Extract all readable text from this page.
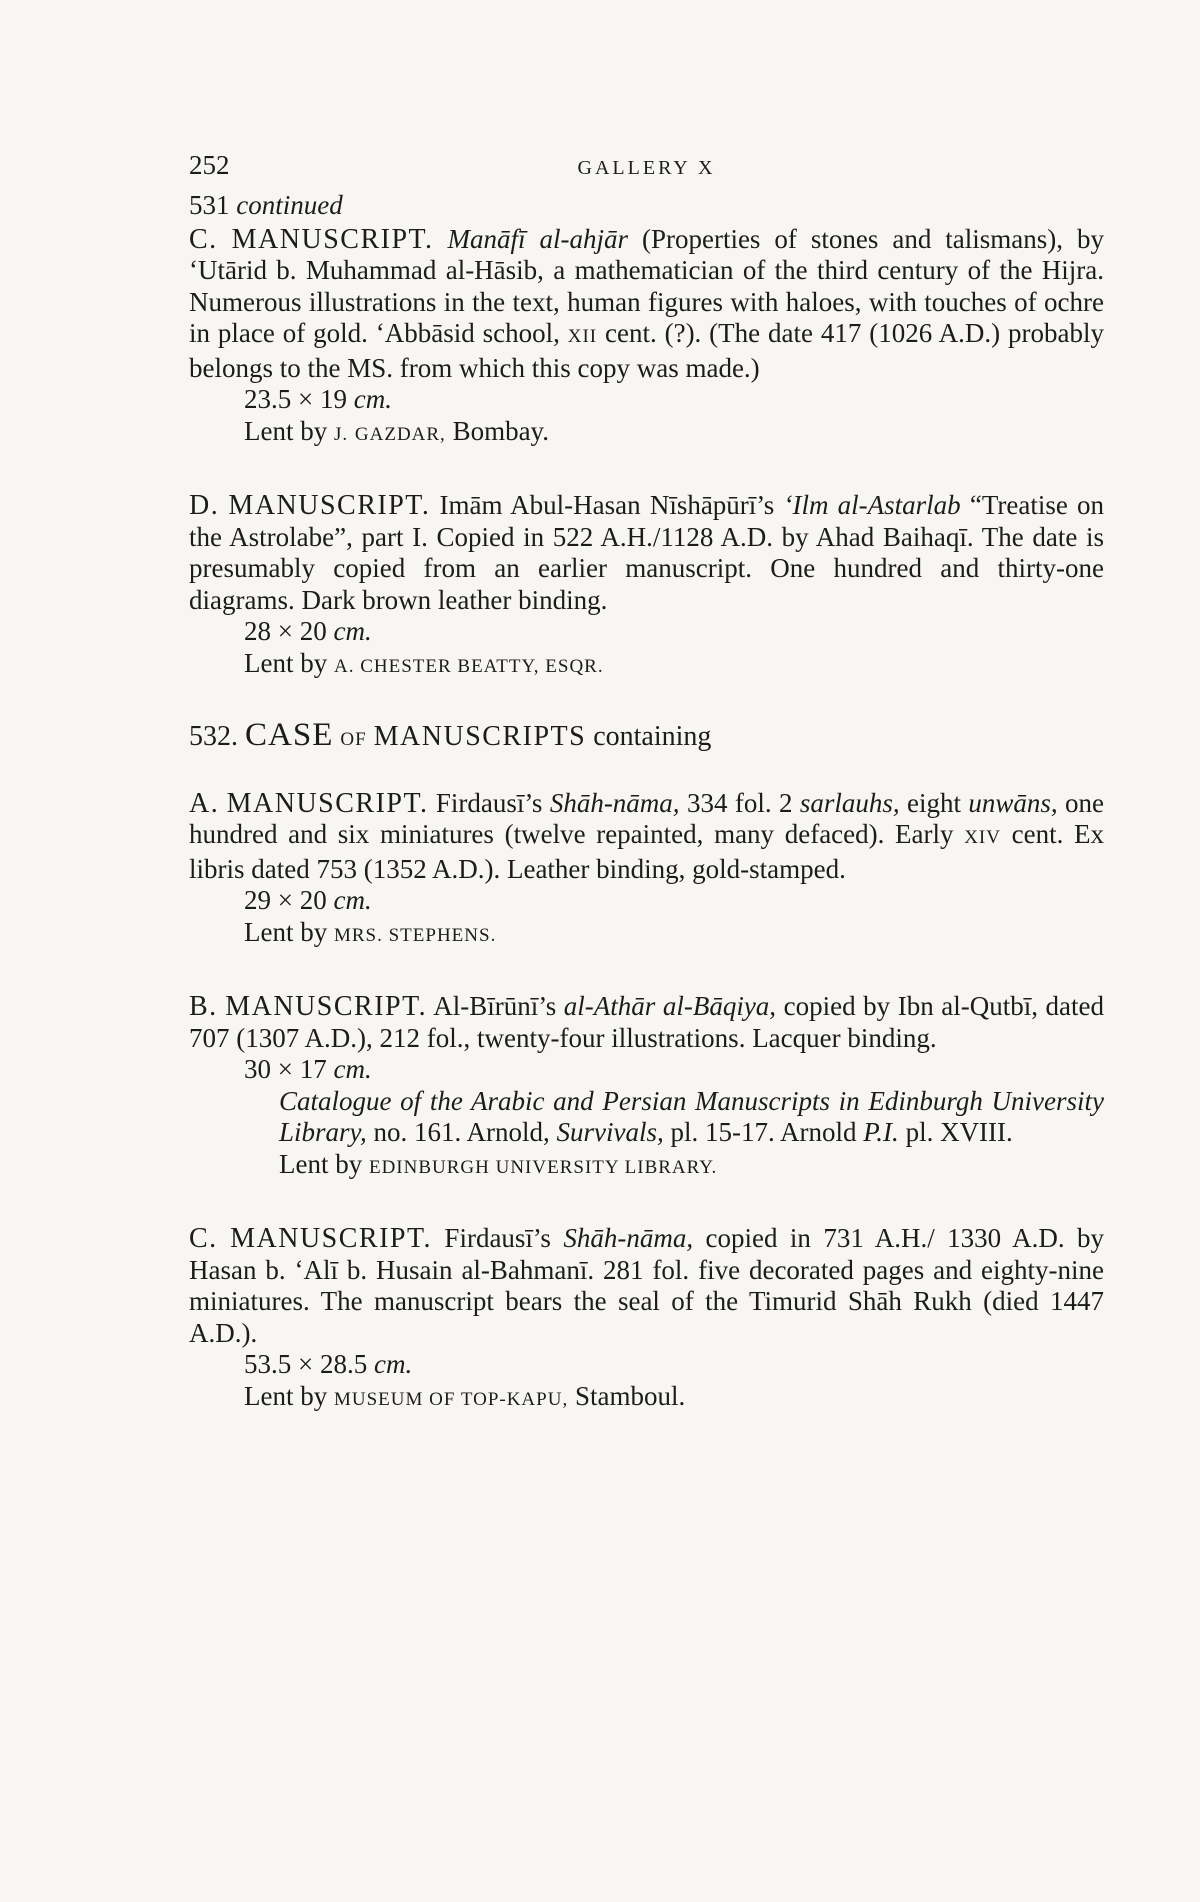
252	GALLERY X
531 continued
C. MANUSCRIPT. Manāfī al-ahjār (Properties of stones and talismans), by ‘Utārid b. Muhammad al-Hāsib, a mathematician of the third century of the Hijra. Numerous illustrations in the text, human figures with haloes, with touches of ochre in place of gold. ‘Abbāsid school, XII cent. (?). (The date 417 (1026 A.D.) probably belongs to the MS. from which this copy was made.)
23.5 × 19 cm.
Lent by J. GAZDAR, Bombay.
D. MANUSCRIPT. Imām Abul-Hasan Nīshāpūrī’s ‘Ilm al-Astarlab “Treatise on the Astrolabe”, part I. Copied in 522 A.H./1128 A.D. by Ahad Baihaqī. The date is presumably copied from an earlier manuscript. One hundred and thirty-one diagrams. Dark brown leather binding.
28 × 20 cm.
Lent by A. CHESTER BEATTY, ESQR.
532. CASE OF MANUSCRIPTS containing
A. MANUSCRIPT. Firdausī’s Shāh-nāma, 334 fol. 2 sarlauhs, eight unwāns, one hundred and six miniatures (twelve repainted, many defaced). Early XIV cent. Ex libris dated 753 (1352 A.D.). Leather binding, gold-stamped.
29 × 20 cm.
Lent by MRS. STEPHENS.
B. MANUSCRIPT. Al-Bīrūnī’s al-Athār al-Bāqiya, copied by Ibn al-Qutbī, dated 707 (1307 A.D.), 212 fol., twenty-four illustrations. Lacquer binding.
30 × 17 cm.
Catalogue of the Arabic and Persian Manuscripts in Edinburgh University Library, no. 161. Arnold, Survivals, pl. 15-17. Arnold P.I. pl. XVIII.
Lent by EDINBURGH UNIVERSITY LIBRARY.
C. MANUSCRIPT. Firdausī’s Shāh-nāma, copied in 731 A.H./ 1330 A.D. by Hasan b. ‘Alī b. Husain al-Bahmanī. 281 fol. five decorated pages and eighty-nine miniatures. The manuscript bears the seal of the Timurid Shāh Rukh (died 1447 A.D.).
53.5 × 28.5 cm.
Lent by MUSEUM OF TOP-KAPU, Stamboul.
